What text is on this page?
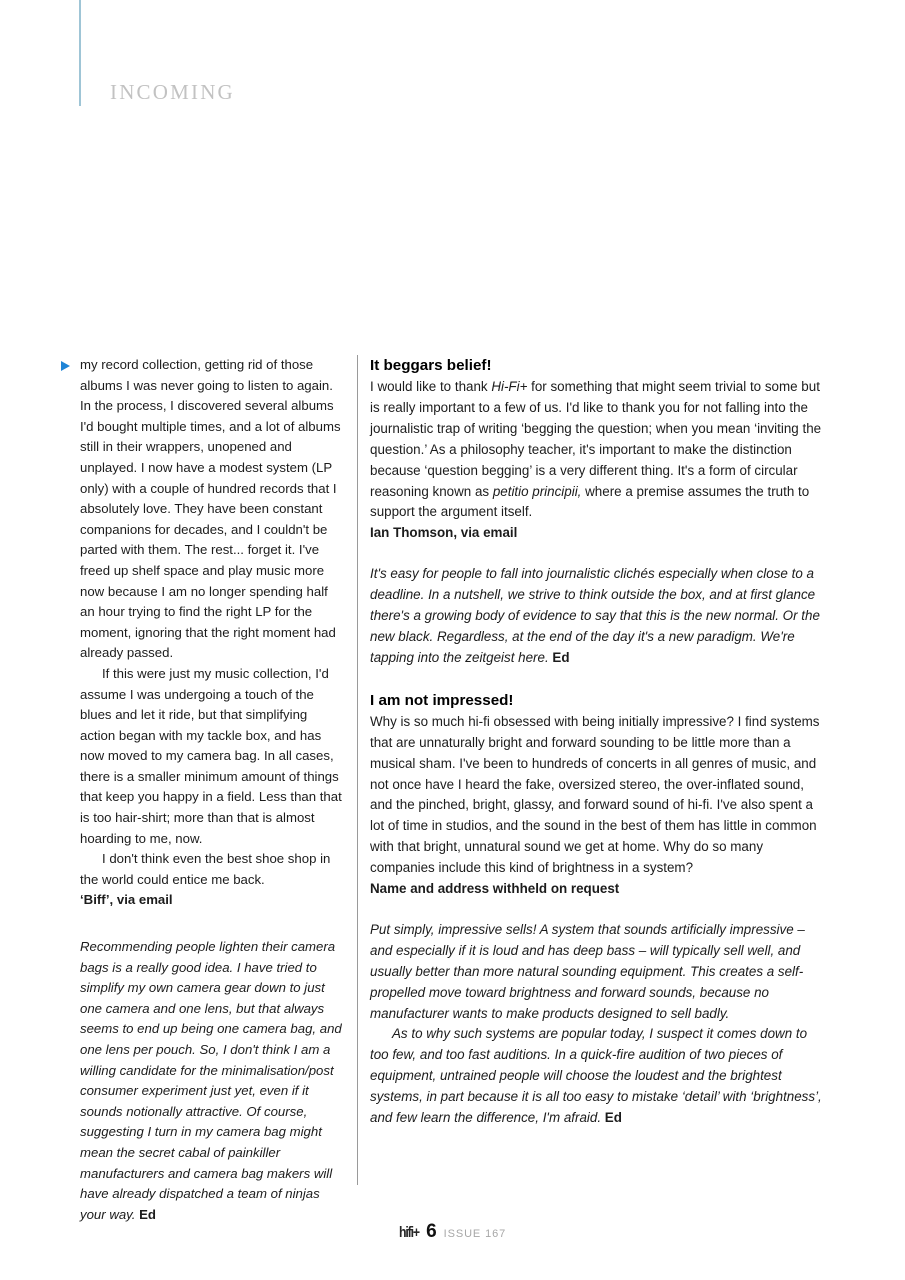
INCOMING

my record collection, getting rid of those albums I was never going to listen to again. In the process, I discovered several albums I'd bought multiple times, and a lot of albums still in their wrappers, unopened and unplayed. I now have a modest system (LP only) with a couple of hundred records that I absolutely love. They have been constant companions for decades, and I couldn't be parted with them. The rest... forget it. I've freed up shelf space and play music more now because I am no longer spending half an hour trying to find the right LP for the moment, ignoring that the right moment had already passed.

If this were just my music collection, I'd assume I was undergoing a touch of the blues and let it ride, but that simplifying action began with my tackle box, and has now moved to my camera bag. In all cases, there is a smaller minimum amount of things that keep you happy in a field. Less than that is too hair-shirt; more than that is almost hoarding to me, now.

I don't think even the best shoe shop in the world could entice me back.

‘Biff’, via email

Recommending people lighten their camera bags is a really good idea. I have tried to simplify my own camera gear down to just one camera and one lens, but that always seems to end up being one camera bag, and one lens per pouch. So, I don't think I am a willing candidate for the minimalisation/post consumer experiment just yet, even if it sounds notionally attractive. Of course, suggesting I turn in my camera bag might mean the secret cabal of painkiller manufacturers and camera bag makers will have already dispatched a team of ninjas your way. Ed

It beggars belief!

I would like to thank Hi-Fi+ for something that might seem trivial to some but is really important to a few of us. I'd like to thank you for not falling into the journalistic trap of writing ‘begging the question; when you mean ‘inviting the question.’ As a philosophy teacher, it's important to make the distinction because ‘question begging’ is a very different thing. It's a form of circular reasoning known as petitio principii, where a premise assumes the truth to support the argument itself.

Ian Thomson, via email

It's easy for people to fall into journalistic clichés especially when close to a deadline. In a nutshell, we strive to think outside the box, and at first glance there's a growing body of evidence to say that this is the new normal. Or the new black. Regardless, at the end of the day it's a new paradigm. We're tapping into the zeitgeist here. Ed

I am not impressed!

Why is so much hi-fi obsessed with being initially impressive? I find systems that are unnaturally bright and forward sounding to be little more than a musical sham. I've been to hundreds of concerts in all genres of music, and not once have I heard the fake, oversized stereo, the over-inflated sound, and the pinched, bright, glassy, and forward sound of hi-fi. I've also spent a lot of time in studios, and the sound in the best of them has little in common with that bright, unnatural sound we get at home. Why do so many companies include this kind of brightness in a system?

Name and address withheld on request

Put simply, impressive sells! A system that sounds artificially impressive – and especially if it is loud and has deep bass – will typically sell well, and usually better than more natural sounding equipment. This creates a self-propelled move toward brightness and forward sounds, because no manufacturer wants to make products designed to sell badly.

As to why such systems are popular today, I suspect it comes down to too few, and too fast auditions. In a quick-fire audition of two pieces of equipment, untrained people will choose the loudest and the brightest systems, in part because it is all too easy to mistake ‘detail’ with ‘brightness’, and few learn the difference, I'm afraid. Ed

hifi+ 6 ISSUE 167
